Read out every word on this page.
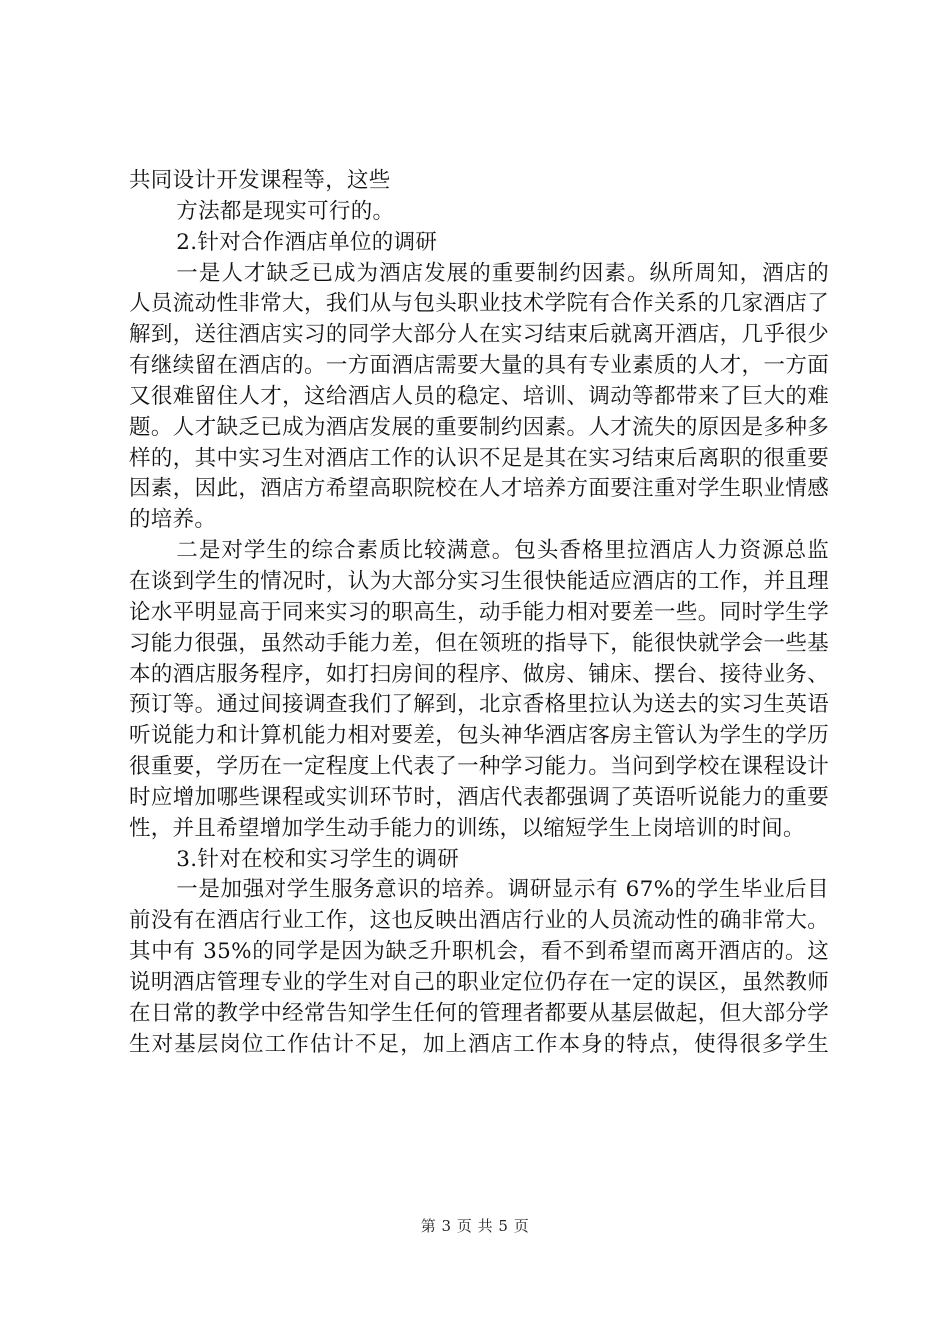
共同设计开发课程等，这些

方法都是现实可行的。

2.针对合作酒店单位的调研

一是人才缺乏已成为酒店发展的重要制约因素。纵所周知，酒店的人员流动性非常大，我们从与包头职业技术学院有合作关系的几家酒店了解到，送往酒店实习的同学大部分人在实习结束后就离开酒店，几乎很少有继续留在酒店的。一方面酒店需要大量的具有专业素质的人才，一方面又很难留住人才，这给酒店人员的稳定、培训、调动等都带来了巨大的难题。人才缺乏已成为酒店发展的重要制约因素。人才流失的原因是多种多样的，其中实习生对酒店工作的认识不足是其在实习结束后离职的很重要因素，因此，酒店方希望高职院校在人才培养方面要注重对学生职业情感的培养。

二是对学生的综合素质比较满意。包头香格里拉酒店人力资源总监在谈到学生的情况时，认为大部分实习生很快能适应酒店的工作，并且理论水平明显高于同来实习的职高生，动手能力相对要差一些。同时学生学习能力很强，虽然动手能力差，但在领班的指导下，能很快就学会一些基本的酒店服务程序，如打扫房间的程序、做房、铺床、摆台、接待业务、预订等。通过间接调查我们了解到，北京香格里拉认为送去的实习生英语听说能力和计算机能力相对要差，包头神华酒店客房主管认为学生的学历很重要，学历在一定程度上代表了一种学习能力。当问到学校在课程设计时应增加哪些课程或实训环节时，酒店代表都强调了英语听说能力的重要性，并且希望增加学生动手能力的训练，以缩短学生上岗培训的时间。

3.针对在校和实习学生的调研

一是加强对学生服务意识的培养。调研显示有 67%的学生毕业后目前没有在酒店行业工作，这也反映出酒店行业的人员流动性的确非常大。其中有 35%的同学是因为缺乏升职机会，看不到希望而离开酒店的。这说明酒店管理专业的学生对自己的职业定位仍存在一定的误区，虽然教师在日常的教学中经常告知学生任何的管理者都要从基层做起，但大部分学生对基层岗位工作估计不足，加上酒店工作本身的特点，使得很多学生

第 3 页 共 5 页
